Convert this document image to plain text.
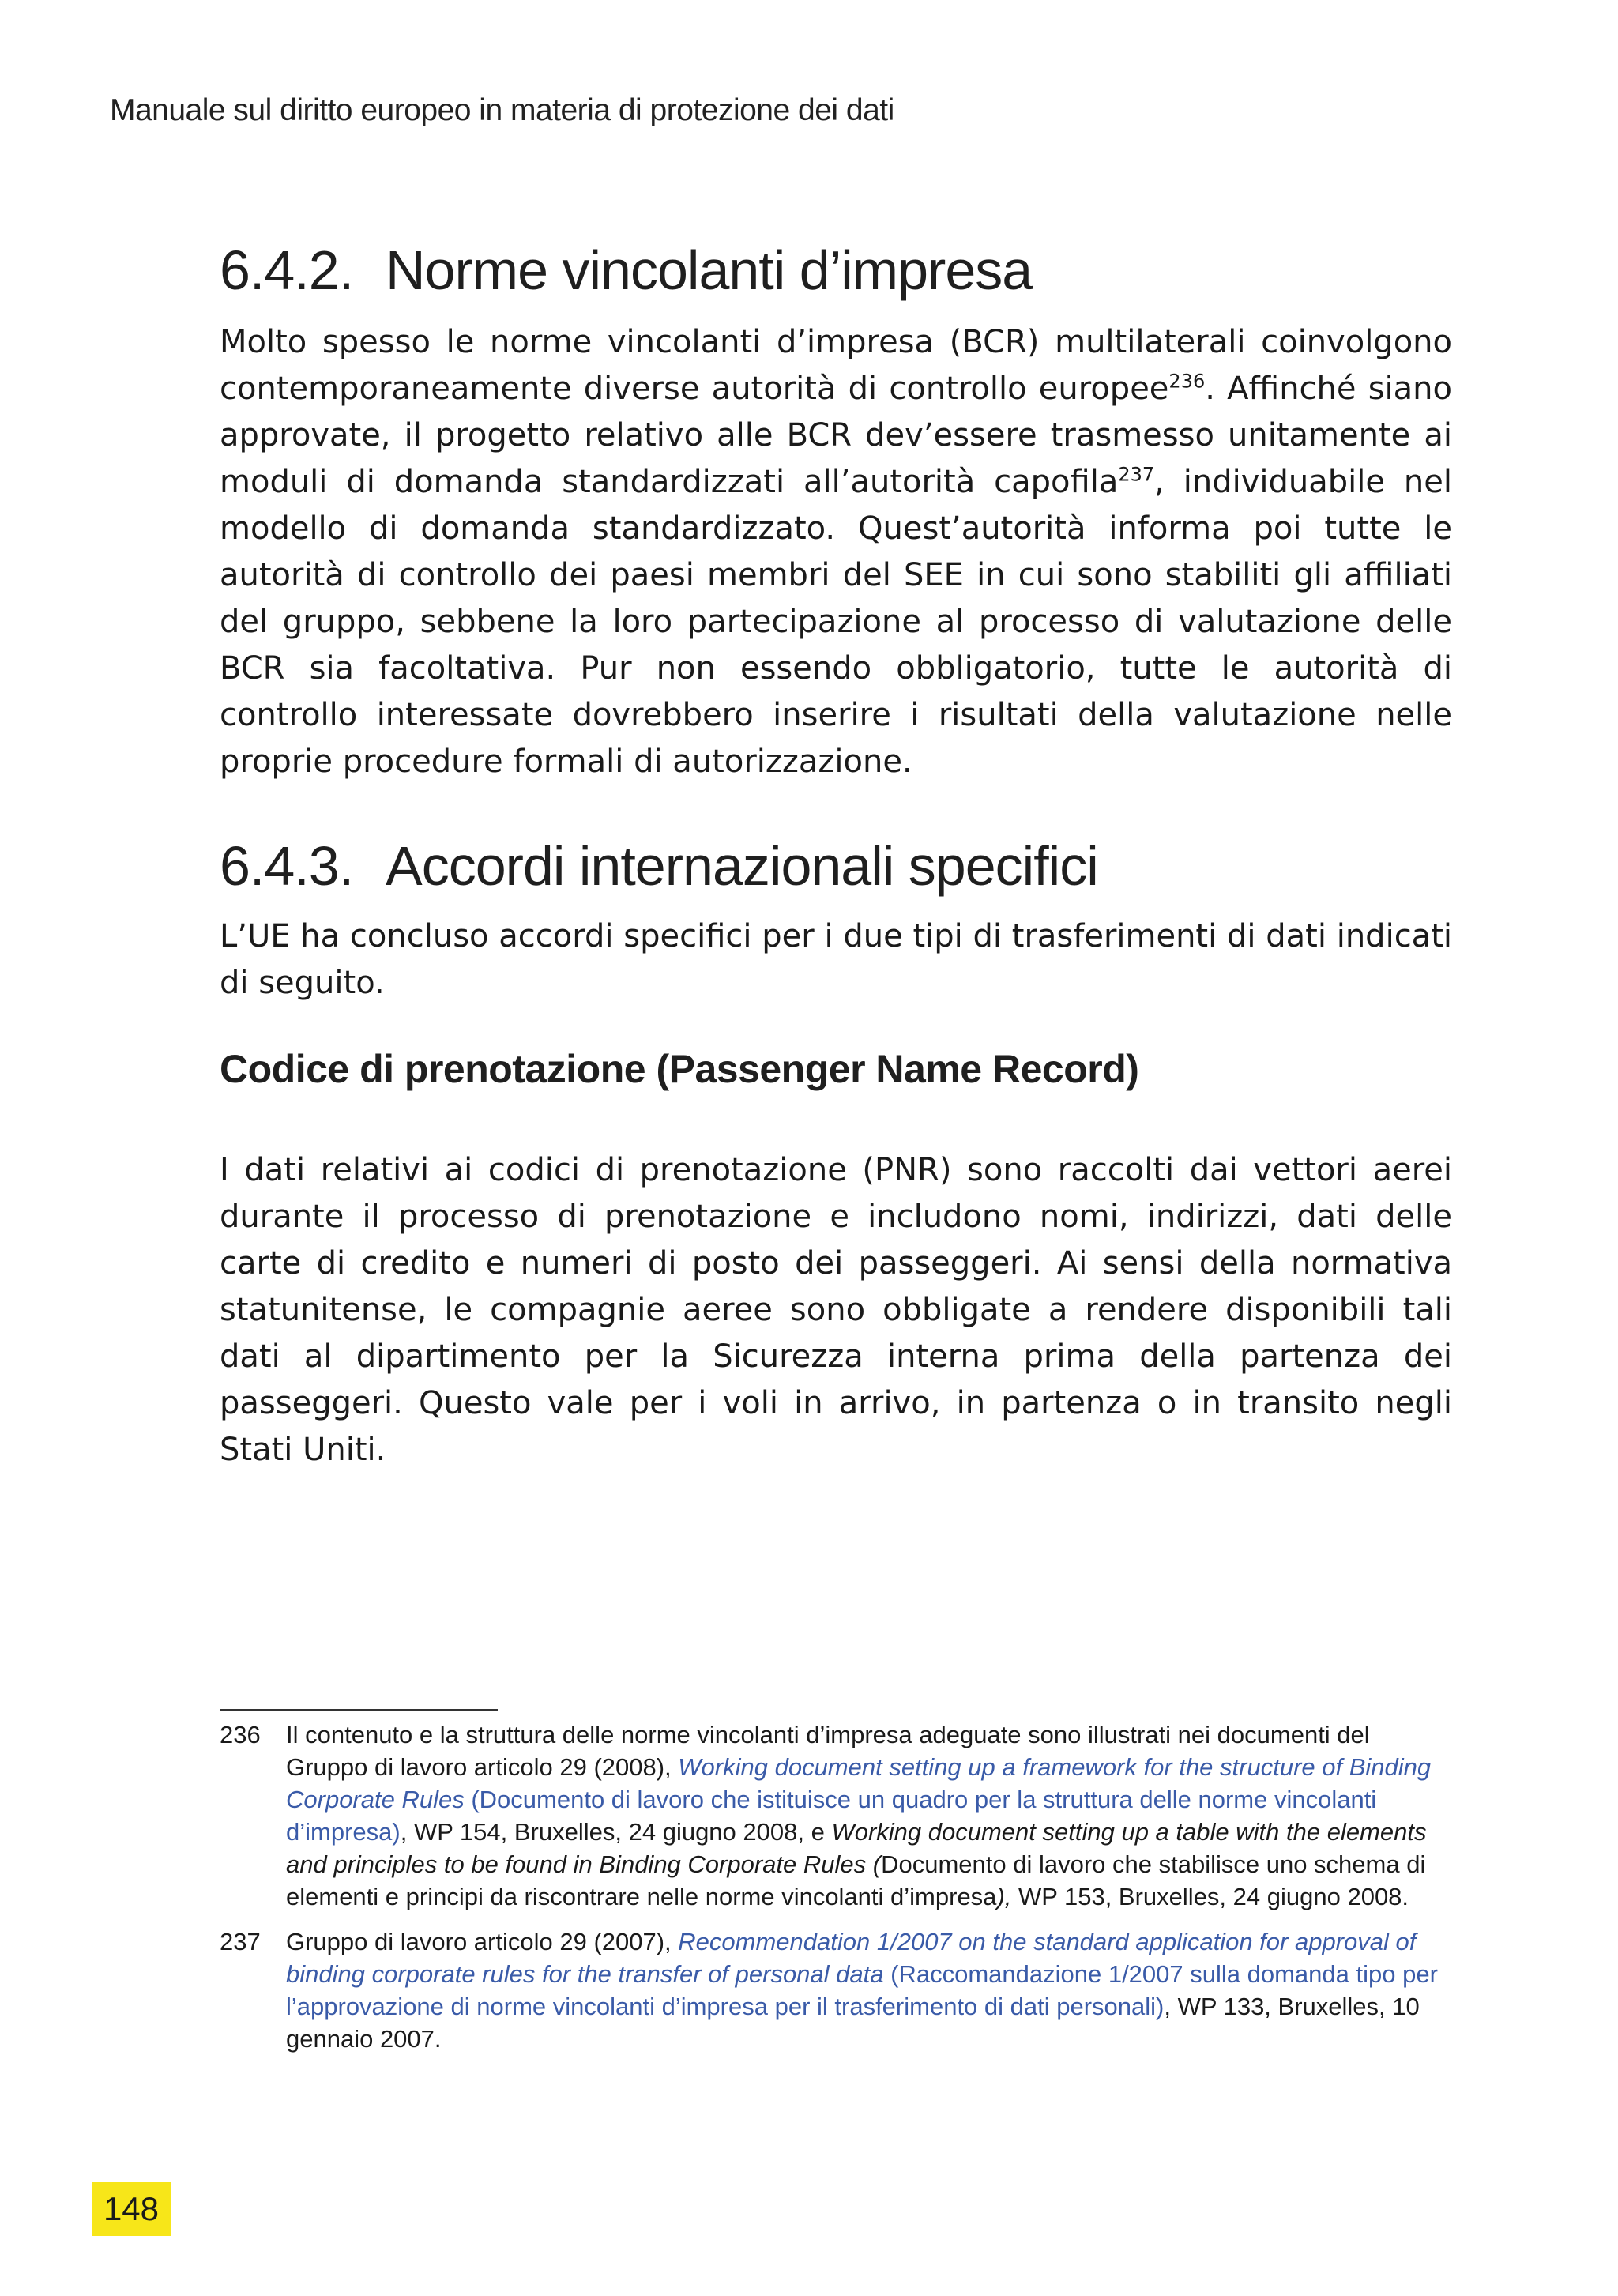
Manuale sul diritto europeo in materia di protezione dei dati
6.4.2. Norme vincolanti d’impresa

Molto spesso le norme vincolanti d’impresa (BCR) multilaterali coinvolgono contemporaneamente diverse autorità di controllo europee$^{236}$. Affinché siano approvate, il progetto relativo alle BCR dev’essere trasmesso unitamente ai moduli di domanda standardizzati all’autorità capofila$^{237}$, individuabile nel modello di domanda standardizzato. Quest’autorità informa poi tutte le autorità di controllo dei paesi membri del SEE in cui sono stabiliti gli affiliati del gruppo, sebbene la loro partecipazione al processo di valutazione delle BCR sia facoltativa. Pur non essendo obbligatorio, tutte le autorità di controllo interessate dovrebbero inserire i risultati della valutazione nelle proprie procedure formali di autorizzazione.

6.4.3. Accordi internazionali specifici

L’UE ha concluso accordi specifici per i due tipi di trasferimenti di dati indicati di seguito.

Codice di prenotazione (Passenger Name Record)

I dati relativi ai codici di prenotazione (PNR) sono raccolti dai vettori aerei durante il processo di prenotazione e includono nomi, indirizzi, dati delle carte di credito e numeri di posto dei passeggeri. Ai sensi della normativa statunitense, le compagnie aeree sono obbligate a rendere disponibili tali dati al dipartimento per la Sicurezza interna prima della partenza dei passeggeri. Questo vale per i voli in arrivo, in partenza o in transito negli Stati Uniti.

236	Il contenuto e la struttura delle norme vincolanti d’impresa adeguate sono illustrati nei documenti del Gruppo di lavoro articolo 29 (2008), Working document setting up a framework for the structure of Binding Corporate Rules (Documento di lavoro che istituisce un quadro per la struttura delle norme vincolanti d’impresa), WP 154, Bruxelles, 24 giugno 2008, e Working document setting up a table with the elements and principles to be found in Binding Corporate Rules (Documento di lavoro che stabilisce uno schema di elementi e principi da riscontrare nelle norme vincolanti d’impresa), WP 153, Bruxelles, 24 giugno 2008.
237	Gruppo di lavoro articolo 29 (2007), Recommendation 1/2007 on the standard application for approval of binding corporate rules for the transfer of personal data (Raccomandazione 1/2007 sulla domanda tipo per l’approvazione di norme vincolanti d’impresa per il trasferimento di dati personali), WP 133, Bruxelles, 10 gennaio 2007.
148
